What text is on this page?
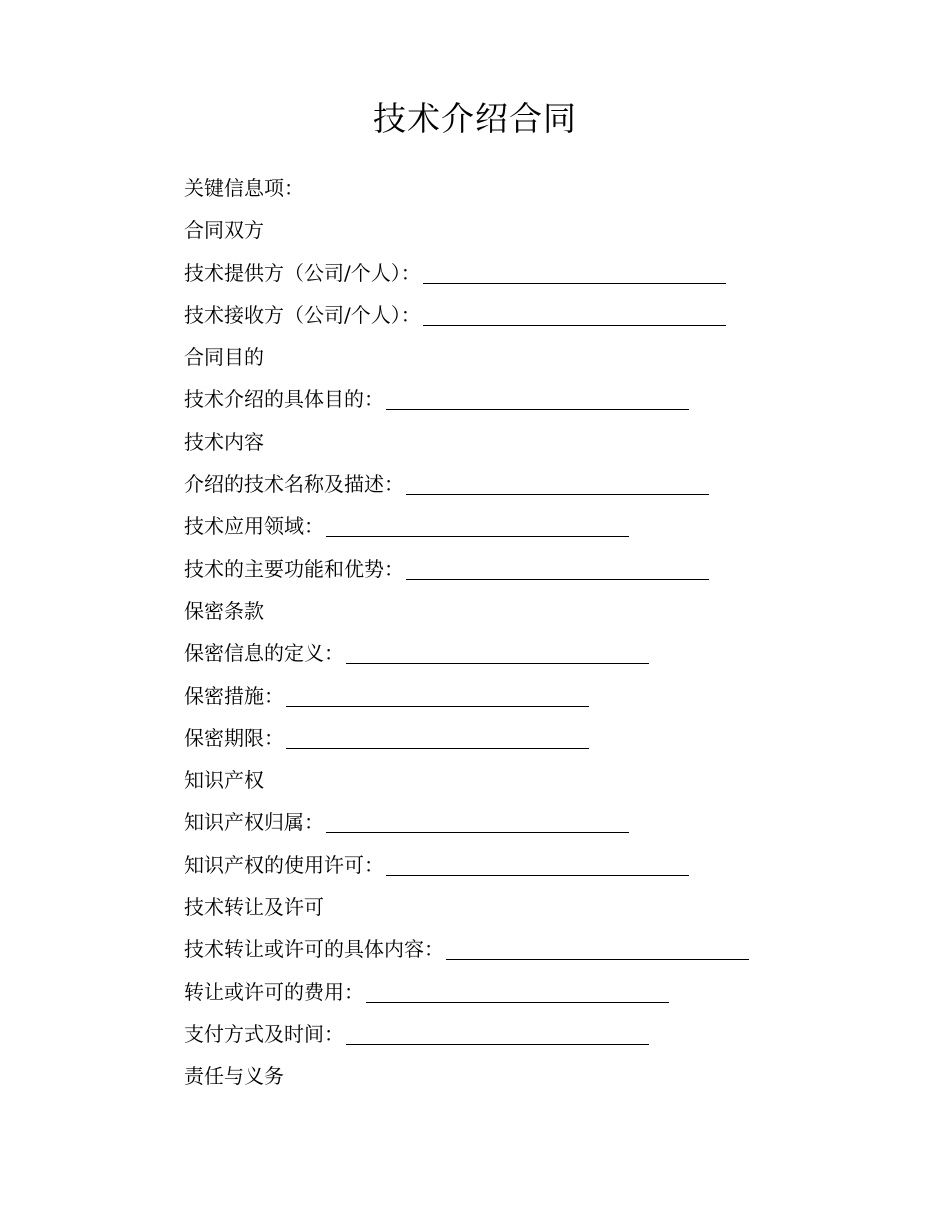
技术介绍合同
关键信息项：
合同双方
技术提供方（公司/个人）：
技术接收方（公司/个人）：
合同目的
技术介绍的具体目的：
技术内容
介绍的技术名称及描述：
技术应用领域：
技术的主要功能和优势：
保密条款
保密信息的定义：
保密措施：
保密期限：
知识产权
知识产权归属：
知识产权的使用许可：
技术转让及许可
技术转让或许可的具体内容：
转让或许可的费用：
支付方式及时间：
责任与义务
